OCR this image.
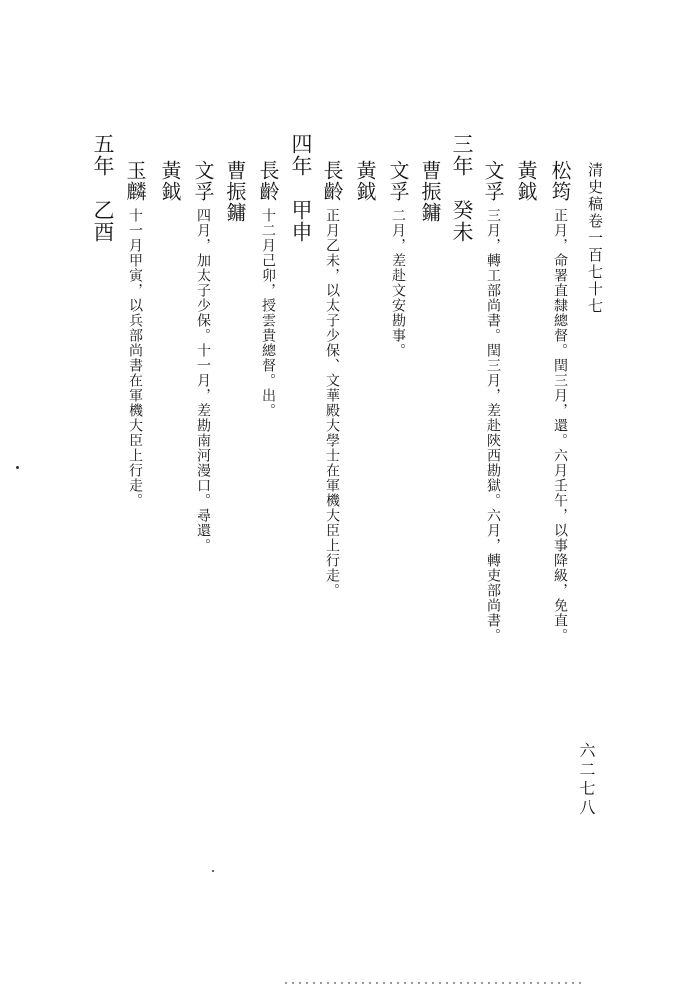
清史稿卷一百七十七
六二七八
松筠正月，命署直隸總督。閏三月，還。六月壬午，以事降級，免直。
黃鉞
文孚三月，轉工部尚書。閏三月，差赴陝西勘獄。六月，轉吏部尚書。
三年　癸未
曹振鏞
文孚二月，差赴文安勘事。
黃鉞
長齡正月乙未，以太子少保、文華殿大學士在軍機大臣上行走。
四年　甲申
長齡十二月己卯，授雲貴總督。出。
曹振鏞
文孚四月，加太子少保。十一月，差勘南河漫口。尋還。
黃鉞
玉麟十一月甲寅，以兵部尚書在軍機大臣上行走。
五年　乙酉
